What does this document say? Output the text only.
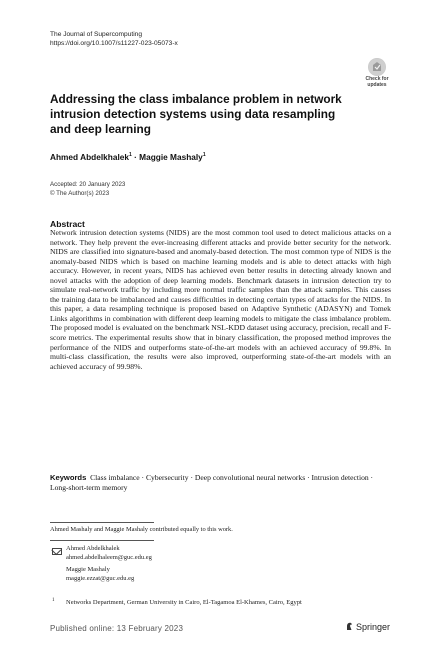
The Journal of Supercomputing
https://doi.org/10.1007/s11227-023-05073-x
Check for
updates
Addressing the class imbalance problem in network intrusion detection systems using data resampling and deep learning
Ahmed Abdelkhalek$^1$ · Maggie Mashaly$^1$
Accepted: 20 January 2023
© The Author(s) 2023
Abstract
Network intrusion detection systems (NIDS) are the most common tool used to detect malicious attacks on a network. They help prevent the ever-increasing different attacks and provide better security for the network. NIDS are classified into signature-based and anomaly-based detection. The most common type of NIDS is the anomaly-based NIDS which is based on machine learning models and is able to detect attacks with high accuracy. However, in recent years, NIDS has achieved even better results in detecting already known and novel attacks with the adoption of deep learning models. Benchmark datasets in intrusion detection try to simulate real-network traffic by including more normal traffic samples than the attack samples. This causes the training data to be imbalanced and causes difficulties in detecting certain types of attacks for the NIDS. In this paper, a data resampling technique is proposed based on Adaptive Synthetic (ADASYN) and Tomek Links algorithms in combination with different deep learning models to mitigate the class imbalance problem. The proposed model is evaluated on the benchmark NSL-KDD dataset using accuracy, precision, recall and F-score metrics. The experimental results show that in binary classification, the proposed method improves the performance of the NIDS and outperforms state-of-the-art models with an achieved accuracy of 99.8%. In multi-class classification, the results were also improved, outperforming state-of-the-art models with an achieved accuracy of 99.98%.
Keywords Class imbalance · Cybersecurity · Deep convolutional neural networks · Intrusion detection · Long-short-term memory
Ahmed Mashaly and Maggie Mashaly contributed equally to this work.
Ahmed Abdelkhalek
ahmed.abdelhaleem@guc.edu.eg
Maggie Mashaly
maggie.ezzat@guc.edu.eg
1 Networks Department, German University in Cairo, El-Tagamoa El-Khames, Cairo, Egypt
Published online: 13 February 2023	Springer
